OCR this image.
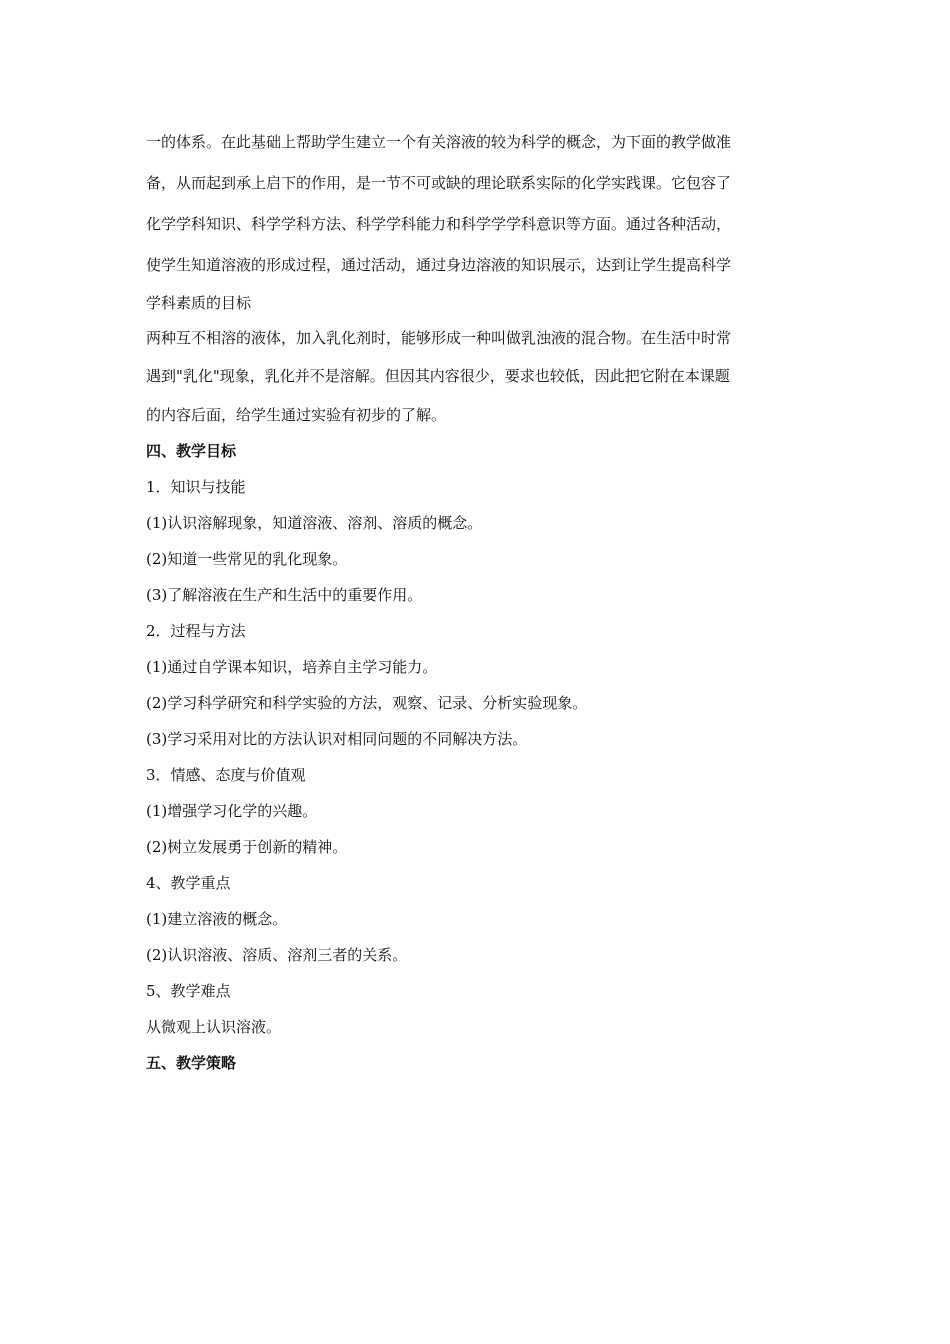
一的体系。在此基础上帮助学生建立一个有关溶液的较为科学的概念，为下面的教学做准

备，从而起到承上启下的作用，是一节不可或缺的理论联系实际的化学实践课。它包容了

化学学科知识、科学学科方法、科学学科能力和科学学学科意识等方面。通过各种活动，

使学生知道溶液的形成过程，通过活动，通过身边溶液的知识展示，达到让学生提高科学

学科素质的目标

两种互不相溶的液体，加入乳化剂时，能够形成一种叫做乳浊液的混合物。在生活中时常

遇到"乳化"现象，乳化并不是溶解。但因其内容很少，要求也较低，因此把它附在本课题

的内容后面，给学生通过实验有初步的了解。

四、教学目标

1．知识与技能

(1)认识溶解现象，知道溶液、溶剂、溶质的概念。

(2)知道一些常见的乳化现象。

(3)了解溶液在生产和生活中的重要作用。

2．过程与方法

(1)通过自学课本知识，培养自主学习能力。

(2)学习科学研究和科学实验的方法，观察、记录、分析实验现象。

(3)学习采用对比的方法认识对相同问题的不同解决方法。

3．情感、态度与价值观

(1)增强学习化学的兴趣。

(2)树立发展勇于创新的精神。

4、教学重点

(1)建立溶液的概念。

(2)认识溶液、溶质、溶剂三者的关系。

5、教学难点

从微观上认识溶液。

五、教学策略
